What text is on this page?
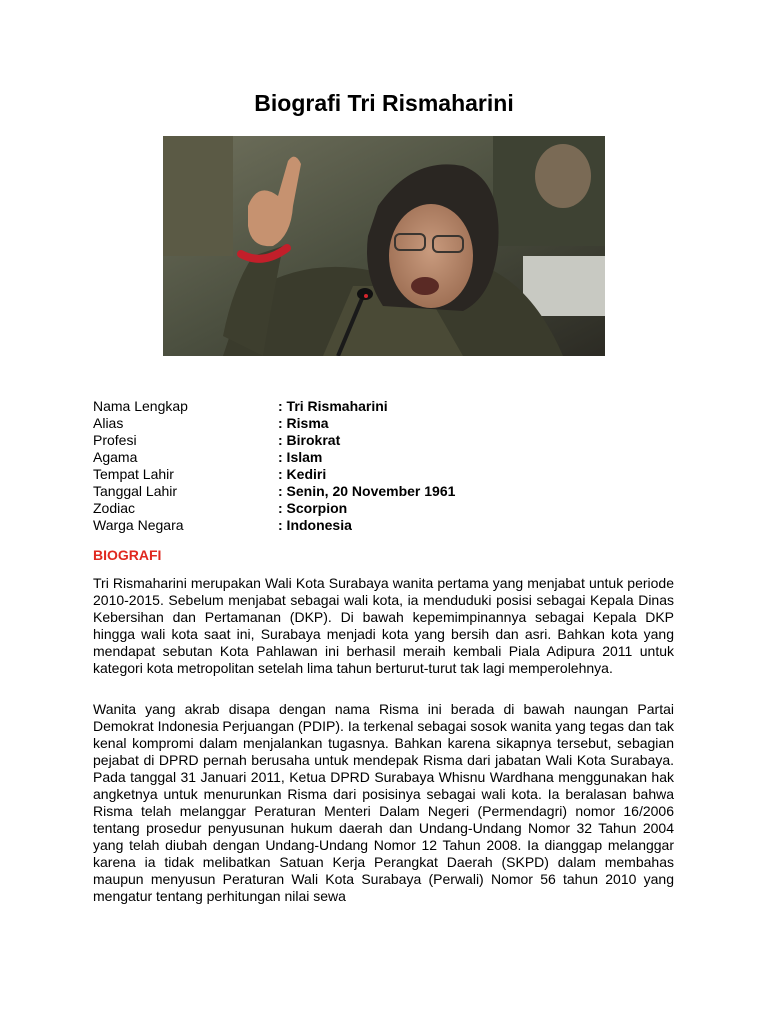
Biografi Tri Rismaharini
Nama Lengkap	: Tri Rismaharini
Alias	: Risma
Profesi	: Birokrat
Agama	: Islam
Tempat Lahir	: Kediri
Tanggal Lahir	: Senin, 20 November 1961
Zodiac	: Scorpion
Warga Negara	: Indonesia
BIOGRAFI

Tri Rismaharini merupakan Wali Kota Surabaya wanita pertama yang menjabat untuk periode 2010-2015. Sebelum menjabat sebagai wali kota, ia menduduki posisi sebagai Kepala Dinas Kebersihan dan Pertamanan (DKP). Di bawah kepemimpinannya sebagai Kepala DKP hingga wali kota saat ini, Surabaya menjadi kota yang bersih dan asri. Bahkan kota yang mendapat sebutan Kota Pahlawan ini berhasil meraih kembali Piala Adipura 2011 untuk kategori kota metropolitan setelah lima tahun berturut-turut tak lagi memperolehnya.

Wanita yang akrab disapa dengan nama Risma ini berada di bawah naungan Partai Demokrat Indonesia Perjuangan (PDIP). Ia terkenal sebagai sosok wanita yang tegas dan tak kenal kompromi dalam menjalankan tugasnya. Bahkan karena sikapnya tersebut, sebagian pejabat di DPRD pernah berusaha untuk mendepak Risma dari jabatan Wali Kota Surabaya. Pada tanggal 31 Januari 2011, Ketua DPRD Surabaya Whisnu Wardhana menggunakan hak angketnya untuk menurunkan Risma dari posisinya sebagai wali kota. Ia beralasan bahwa Risma telah melanggar Peraturan Menteri Dalam Negeri (Permendagri) nomor 16/2006 tentang prosedur penyusunan hukum daerah dan Undang-Undang Nomor 32 Tahun 2004 yang telah diubah dengan Undang-Undang Nomor 12 Tahun 2008. Ia dianggap melanggar karena ia tidak melibatkan Satuan Kerja Perangkat Daerah (SKPD) dalam membahas maupun menyusun Peraturan Wali Kota Surabaya (Perwali) Nomor 56 tahun 2010 yang mengatur tentang perhitungan nilai sewa
